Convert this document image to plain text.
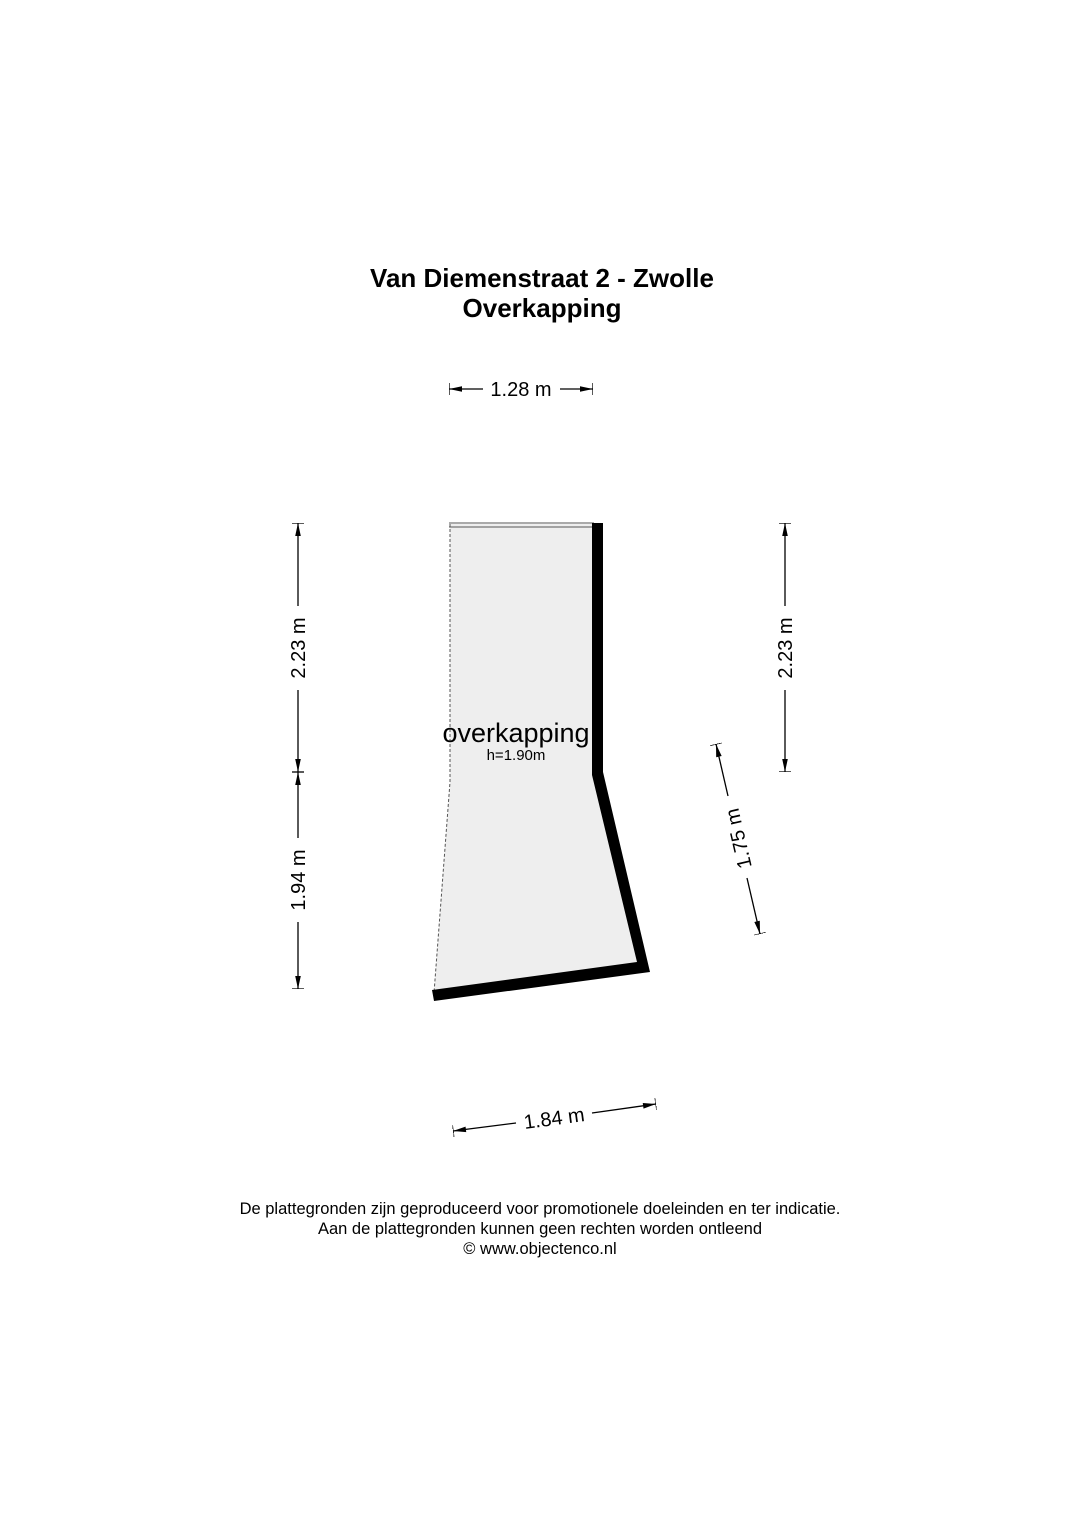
Van Diemenstraat 2 - Zwolle
Overkapping
1.28 m
overkapping
h=1.90m
2.23 m
1.94 m
2.23 m
1.75 m
1.84 m
De plattegronden zijn geproduceerd voor promotionele doeleinden en ter indicatie.
Aan de plattegronden kunnen geen rechten worden ontleend
© www.objectenco.nl
